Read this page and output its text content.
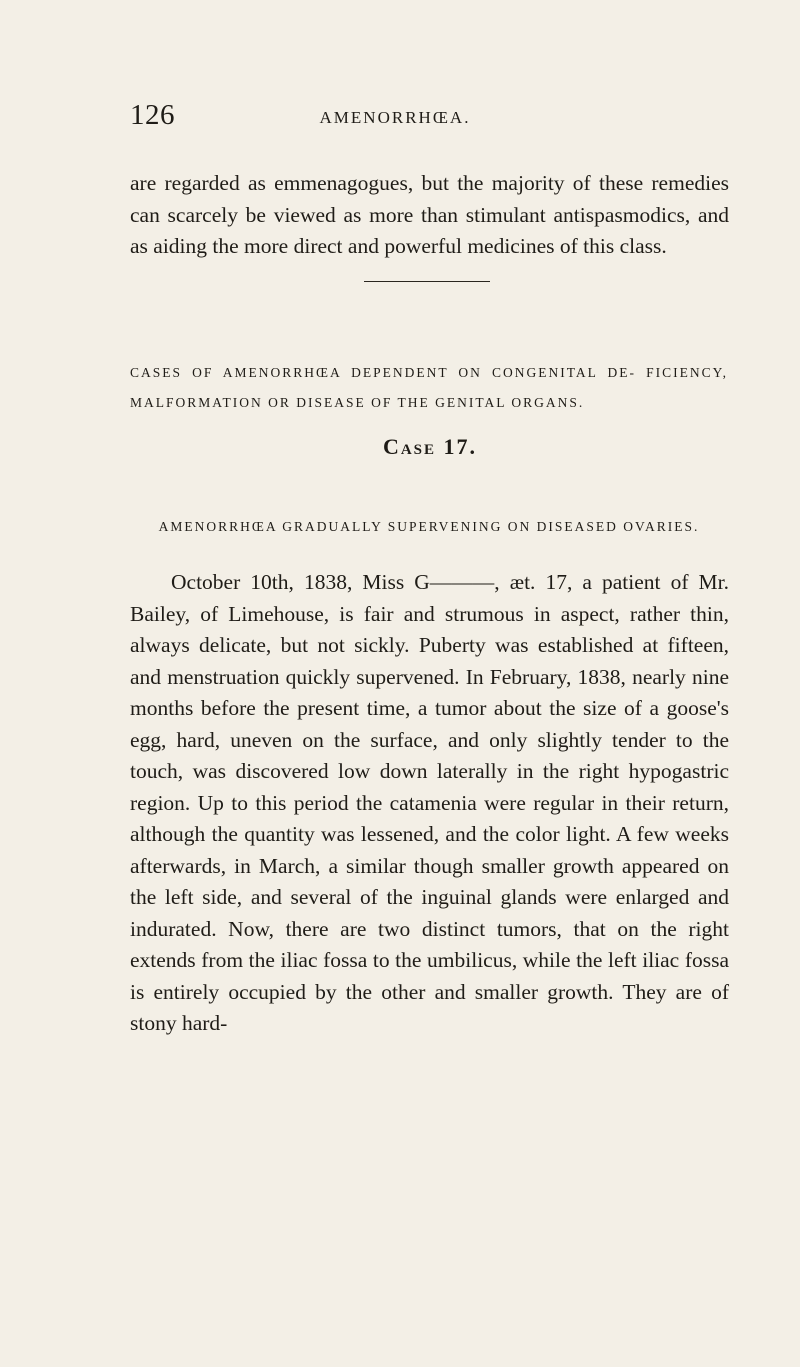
126	AMENORRHŒA.

are regarded as emmenagogues, but the majority of these remedies can scarcely be viewed as more than stimulant antispasmodics, and as aiding the more direct and powerful medicines of this class.

CASES OF AMENORRHŒA DEPENDENT ON CONGENITAL DE- FICIENCY, MALFORMATION OR DISEASE OF THE GENITAL ORGANS.

Case 17.

AMENORRHŒA GRADUALLY SUPERVENING ON DISEASED OVARIES.

October 10th, 1838, Miss G———, æt. 17, a patient of Mr. Bailey, of Limehouse, is fair and strumous in aspect, rather thin, always delicate, but not sickly. Puberty was established at fifteen, and menstruation quickly supervened. In February, 1838, nearly nine months before the present time, a tumor about the size of a goose's egg, hard, uneven on the surface, and only slightly tender to the touch, was discovered low down laterally in the right hypogastric region. Up to this period the catamenia were regular in their return, although the quantity was lessened, and the color light. A few weeks afterwards, in March, a similar though smaller growth appeared on the left side, and several of the inguinal glands were enlarged and indurated. Now, there are two distinct tumors, that on the right extends from the iliac fossa to the umbilicus, while the left iliac fossa is entirely occupied by the other and smaller growth. They are of stony hard-
